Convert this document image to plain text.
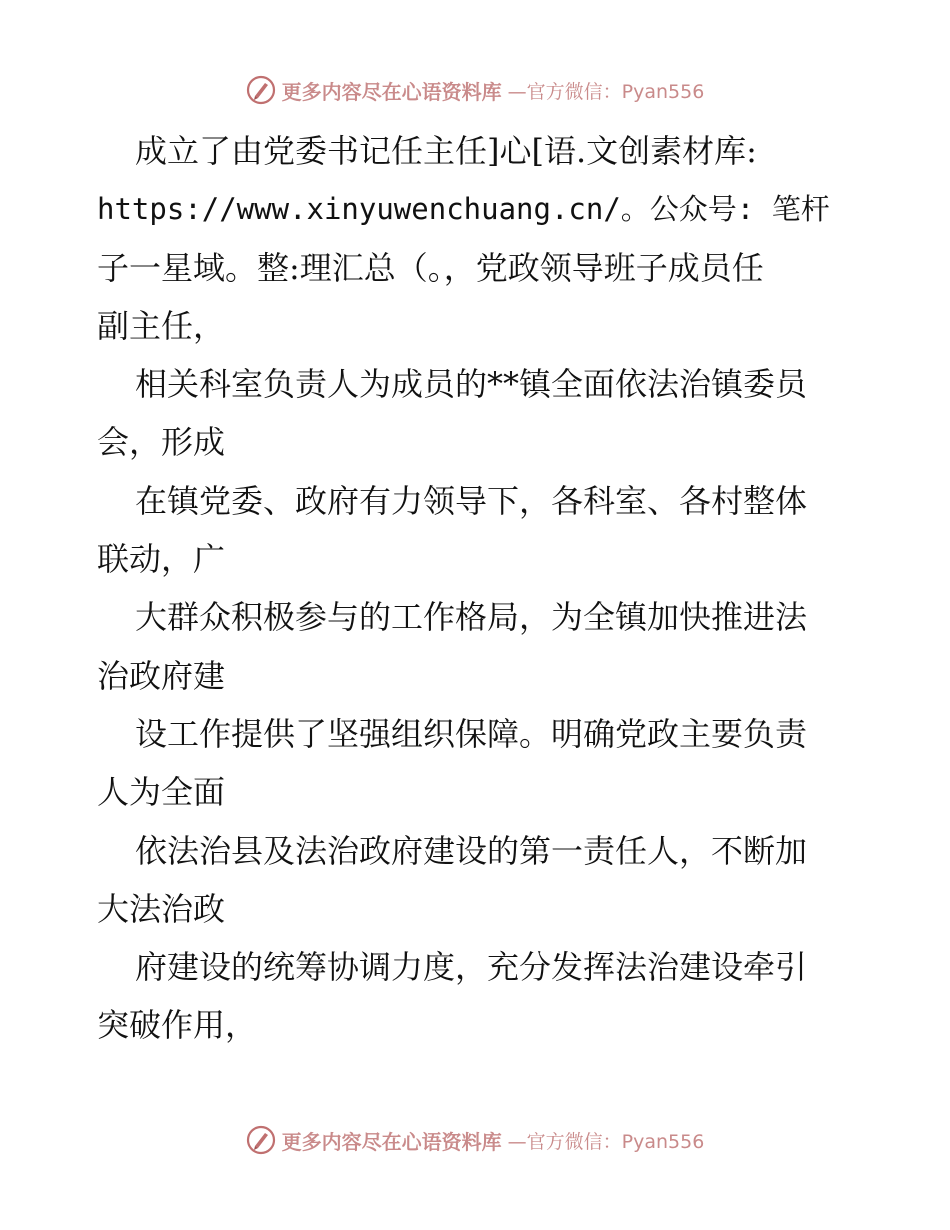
更多内容尽在心语资料库 —官方微信：Pyan556
成立了由党委书记任主任]心[语.文创素材库:
https://www.xinyuwenchuang.cn/。公众号: 笔杆
子一星域。整:理汇总（。，党政领导班子成员任
副主任，
相关科室负责人为成员的**镇全面依法治镇委员
会，形成
在镇党委、政府有力领导下，各科室、各村整体
联动，广
大群众积极参与的工作格局，为全镇加快推进法
治政府建
设工作提供了坚强组织保障。明确党政主要负责
人为全面
依法治县及法治政府建设的第一责任人，不断加
大法治政
府建设的统筹协调力度，充分发挥法治建设牵引
突破作用，
更多内容尽在心语资料库 —官方微信：Pyan556
